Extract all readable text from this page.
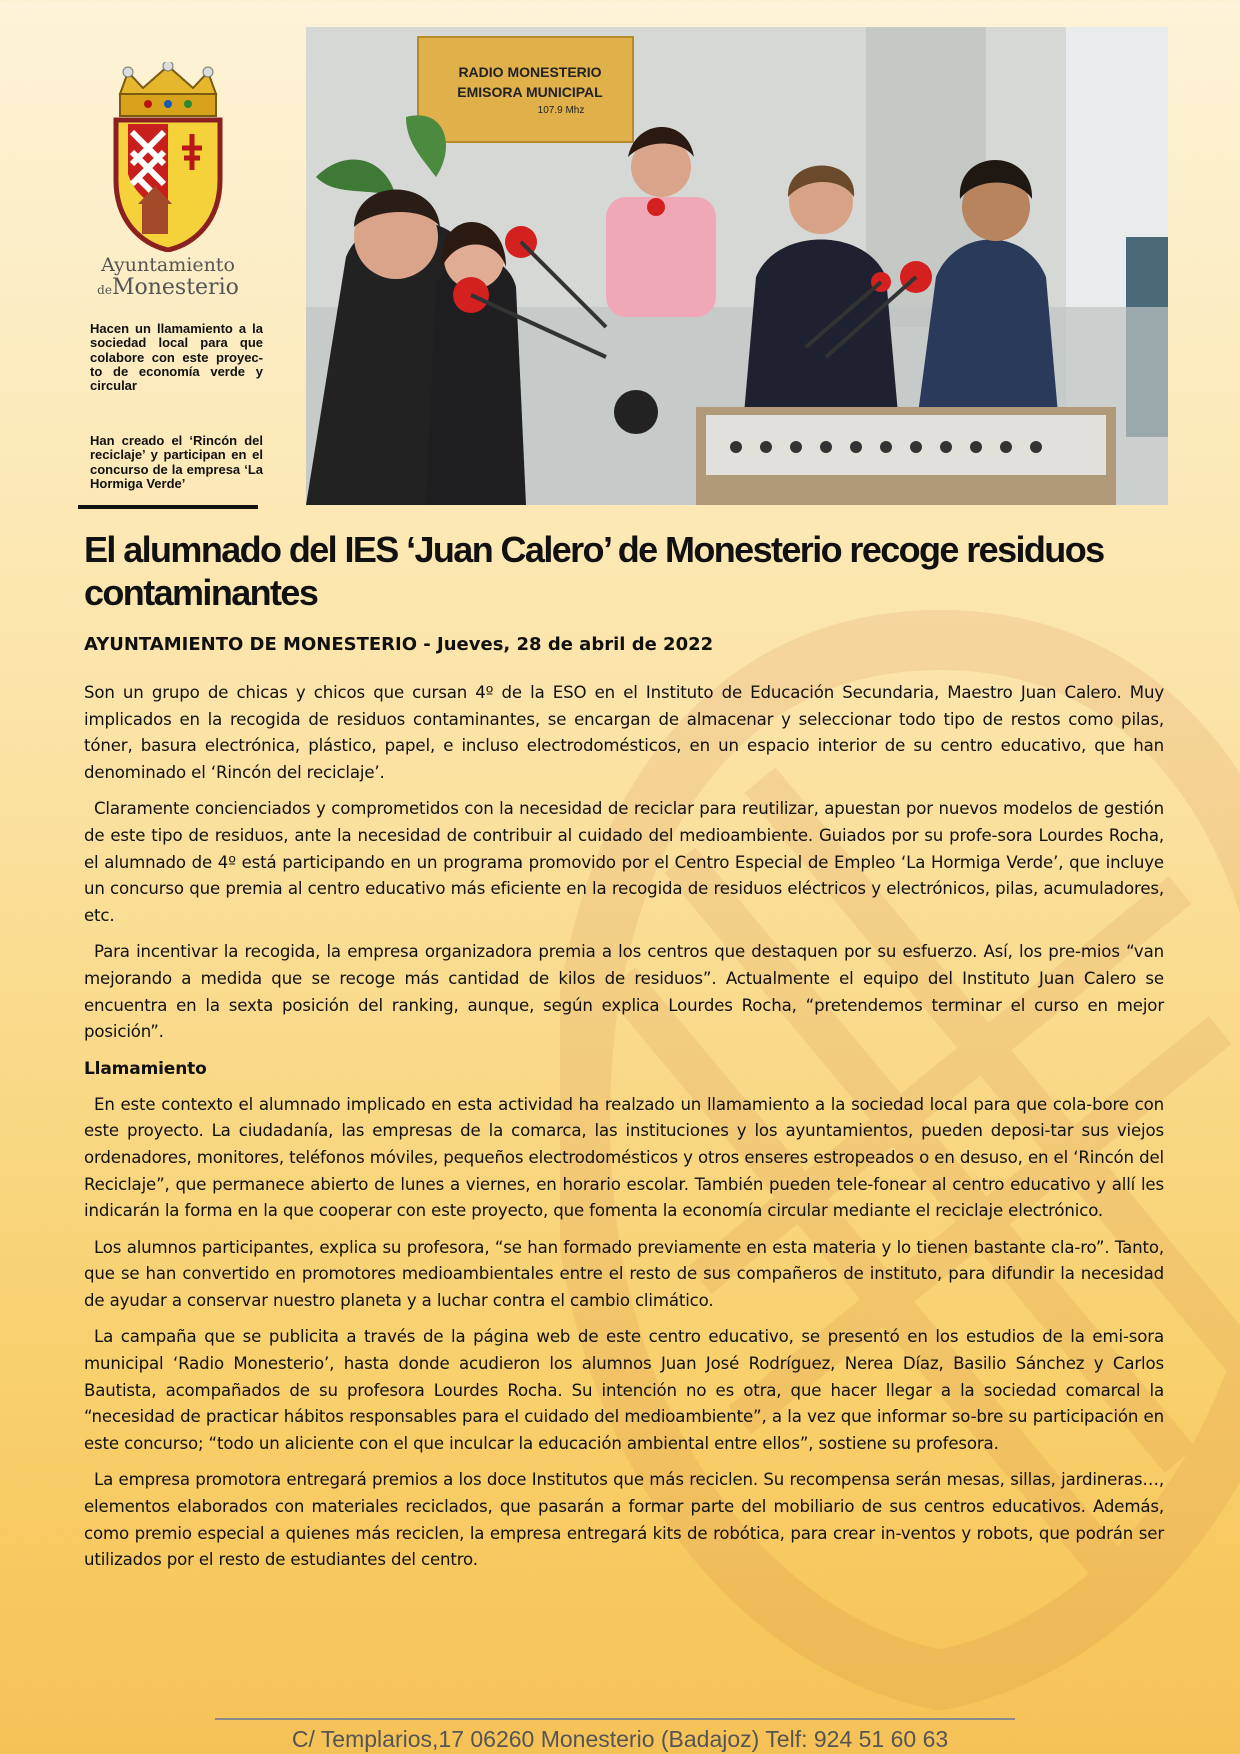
Ayuntamiento
deMonesterio
Hacen un llamamiento a la sociedad local para que colabore con este proyec-to de economía verde y circular
Han creado el ‘Rincón del reciclaje’ y participan en el concurso de la empresa ‘La Hormiga Verde’
RADIO MONESTERIO
EMISORA MUNICIPAL
107.9 Mhz
El alumnado del IES ‘Juan Calero’ de Monesterio recoge residuos contaminantes
AYUNTAMIENTO DE MONESTERIO - Jueves, 28 de abril de 2022

Son un grupo de chicas y chicos que cursan 4º de la ESO en el Instituto de Educación Secundaria, Maestro Juan Calero. Muy implicados en la recogida de residuos contaminantes, se encargan de almacenar y seleccionar todo tipo de restos como pilas, tóner, basura electrónica, plástico, papel, e incluso electrodomésticos, en un espacio interior de su centro educativo, que han denominado el ‘Rincón del reciclaje’.

Claramente concienciados y comprometidos con la necesidad de reciclar para reutilizar, apuestan por nuevos modelos de gestión de este tipo de residuos, ante la necesidad de contribuir al cuidado del medioambiente. Guiados por su profe-sora Lourdes Rocha, el alumnado de 4º está participando en un programa promovido por el Centro Especial de Empleo ‘La Hormiga Verde’, que incluye un concurso que premia al centro educativo más eficiente en la recogida de residuos eléctricos y electrónicos, pilas, acumuladores, etc.

Para incentivar la recogida, la empresa organizadora premia a los centros que destaquen por su esfuerzo. Así, los pre-mios “van mejorando a medida que se recoge más cantidad de kilos de residuos”. Actualmente el equipo del Instituto Juan Calero se encuentra en la sexta posición del ranking, aunque, según explica Lourdes Rocha, “pretendemos terminar el curso en mejor posición”.

Llamamiento

En este contexto el alumnado implicado en esta actividad ha realzado un llamamiento a la sociedad local para que cola-bore con este proyecto. La ciudadanía, las empresas de la comarca, las instituciones y los ayuntamientos, pueden deposi-tar sus viejos ordenadores, monitores, teléfonos móviles, pequeños electrodomésticos y otros enseres estropeados o en desuso, en el ‘Rincón del Reciclaje”, que permanece abierto de lunes a viernes, en horario escolar. También pueden tele-fonear al centro educativo y allí les indicarán la forma en la que cooperar con este proyecto, que fomenta la economía circular mediante el reciclaje electrónico.

Los alumnos participantes, explica su profesora, “se han formado previamente en esta materia y lo tienen bastante cla-ro”. Tanto, que se han convertido en promotores medioambientales entre el resto de sus compañeros de instituto, para difundir la necesidad de ayudar a conservar nuestro planeta y a luchar contra el cambio climático.

La campaña que se publicita a través de la página web de este centro educativo, se presentó en los estudios de la emi-sora municipal ‘Radio Monesterio’, hasta donde acudieron los alumnos Juan José Rodríguez, Nerea Díaz, Basilio Sánchez y Carlos Bautista, acompañados de su profesora Lourdes Rocha. Su intención no es otra, que hacer llegar a la sociedad comarcal la “necesidad de practicar hábitos responsables para el cuidado del medioambiente”, a la vez que informar so-bre su participación en este concurso; “todo un aliciente con el que inculcar la educación ambiental entre ellos”, sostiene su profesora.

La empresa promotora entregará premios a los doce Institutos que más reciclen. Su recompensa serán mesas, sillas, jardineras…, elementos elaborados con materiales reciclados, que pasarán a formar parte del mobiliario de sus centros educativos. Además, como premio especial a quienes más reciclen, la empresa entregará kits de robótica, para crear in-ventos y robots, que podrán ser utilizados por el resto de estudiantes del centro.

C/ Templarios,17 06260 Monesterio (Badajoz) Telf: 924 51 60 63
